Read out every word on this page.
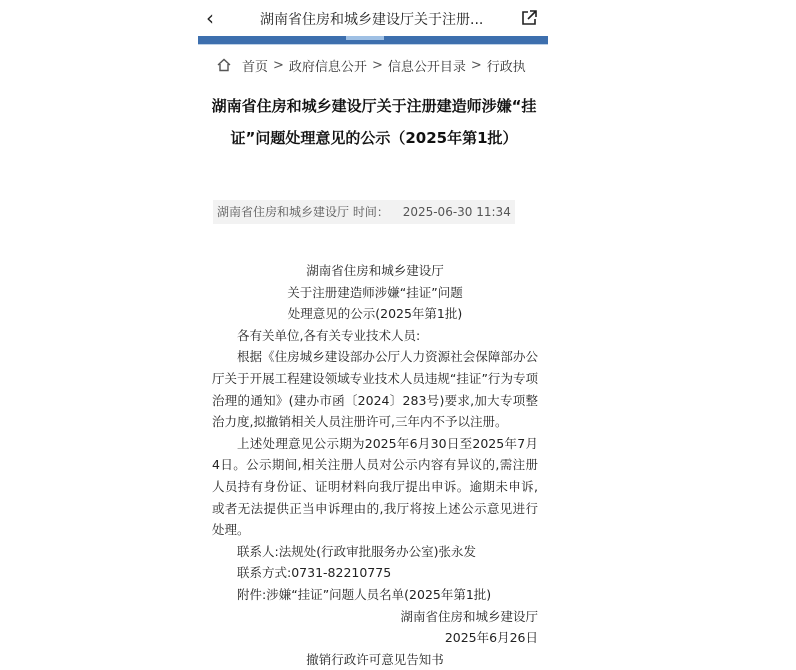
‹	湖南省住房和城乡建设厅关于注册...
首页 > 政府信息公开 > 信息公开目录 > 行政执
湖南省住房和城乡建设厅关于注册建造师涉嫌“挂证”问题处理意见的公示（2025年第1批）
湖南省住房和城乡建设厅 时间： 2025-06-30 11:34

湖南省住房和城乡建设厅

关于注册建造师涉嫌“挂证”问题

处理意见的公示(2025年第1批)

各有关单位,各有关专业技术人员:

根据《住房城乡建设部办公厅人力资源社会保障部办公厅关于开展工程建设领域专业技术人员违规“挂证”行为专项治理的通知》(建办市函〔2024〕283号)要求,加大专项整治力度,拟撤销相关人员注册许可,三年内不予以注册。

上述处理意见公示期为2025年6月30日至2025年7月4日。公示期间,相关注册人员对公示内容有异议的,需注册人员持有身份证、证明材料向我厅提出申诉。逾期未申诉,或者无法提供正当申诉理由的,我厅将按上述公示意见进行处理。

联系人:法规处(行政审批服务办公室)张永发

联系方式:0731-82210775

附件:涉嫌“挂证”问题人员名单(2025年第1批)

湖南省住房和城乡建设厅

2025年6月26日

撤销行政许可意见告知书
